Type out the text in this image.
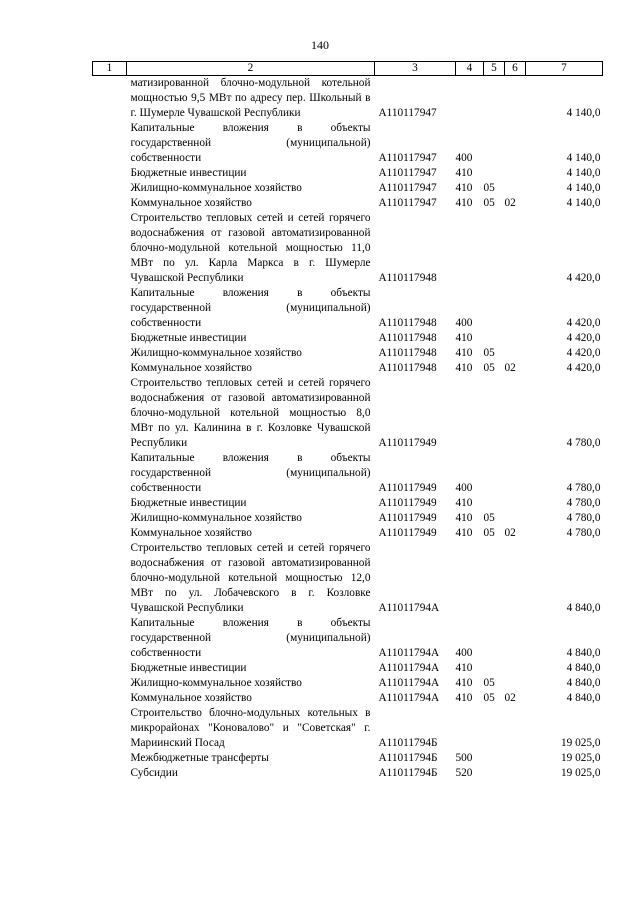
140
1	2	3	4	5	6	7
	матизированной блочно-модульной котельной мощностью 9,5 МВт по адресу пер. Школьный в г. Шумерле Чувашской Республики	А110117947				4 140,0
	Капитальные вложения в объекты государственной (муниципальной) собственности	А110117947	400			4 140,0
	Бюджетные инвестиции	А110117947	410			4 140,0
	Жилищно-коммунальное хозяйство	А110117947	410	05		4 140,0
	Коммунальное хозяйство	А110117947	410	05	02	4 140,0
	Строительство тепловых сетей и сетей горячего водоснабжения от газовой автоматизированной блочно-модульной котельной мощностью 11,0 МВт по ул. Карла Маркса в г. Шумерле Чувашской Республики	А110117948				4 420,0
	Капитальные вложения в объекты государственной (муниципальной) собственности	А110117948	400			4 420,0
	Бюджетные инвестиции	А110117948	410			4 420,0
	Жилищно-коммунальное хозяйство	А110117948	410	05		4 420,0
	Коммунальное хозяйство	А110117948	410	05	02	4 420,0
	Строительство тепловых сетей и сетей горячего водоснабжения от газовой автоматизированной блочно-модульной котельной мощностью 8,0 МВт по ул. Калинина в г. Козловке Чувашской Республики	А110117949				4 780,0
	Капитальные вложения в объекты государственной (муниципальной) собственности	А110117949	400			4 780,0
	Бюджетные инвестиции	А110117949	410			4 780,0
	Жилищно-коммунальное хозяйство	А110117949	410	05		4 780,0
	Коммунальное хозяйство	А110117949	410	05	02	4 780,0
	Строительство тепловых сетей и сетей горячего водоснабжения от газовой автоматизированной блочно-модульной котельной мощностью 12,0 МВт по ул. Лобачевского в г. Козловке Чувашской Республики	А11011794А				4 840,0
	Капитальные вложения в объекты государственной (муниципальной) собственности	А11011794А	400			4 840,0
	Бюджетные инвестиции	А11011794А	410			4 840,0
	Жилищно-коммунальное хозяйство	А11011794А	410	05		4 840,0
	Коммунальное хозяйство	А11011794А	410	05	02	4 840,0
	Строительство блочно-модульных котельных в микрорайонах "Коновалово" и "Советская" г. Мариинский Посад	А11011794Б				19 025,0
	Межбюджетные трансферты	А11011794Б	500			19 025,0
	Субсидии	А11011794Б	520			19 025,0
